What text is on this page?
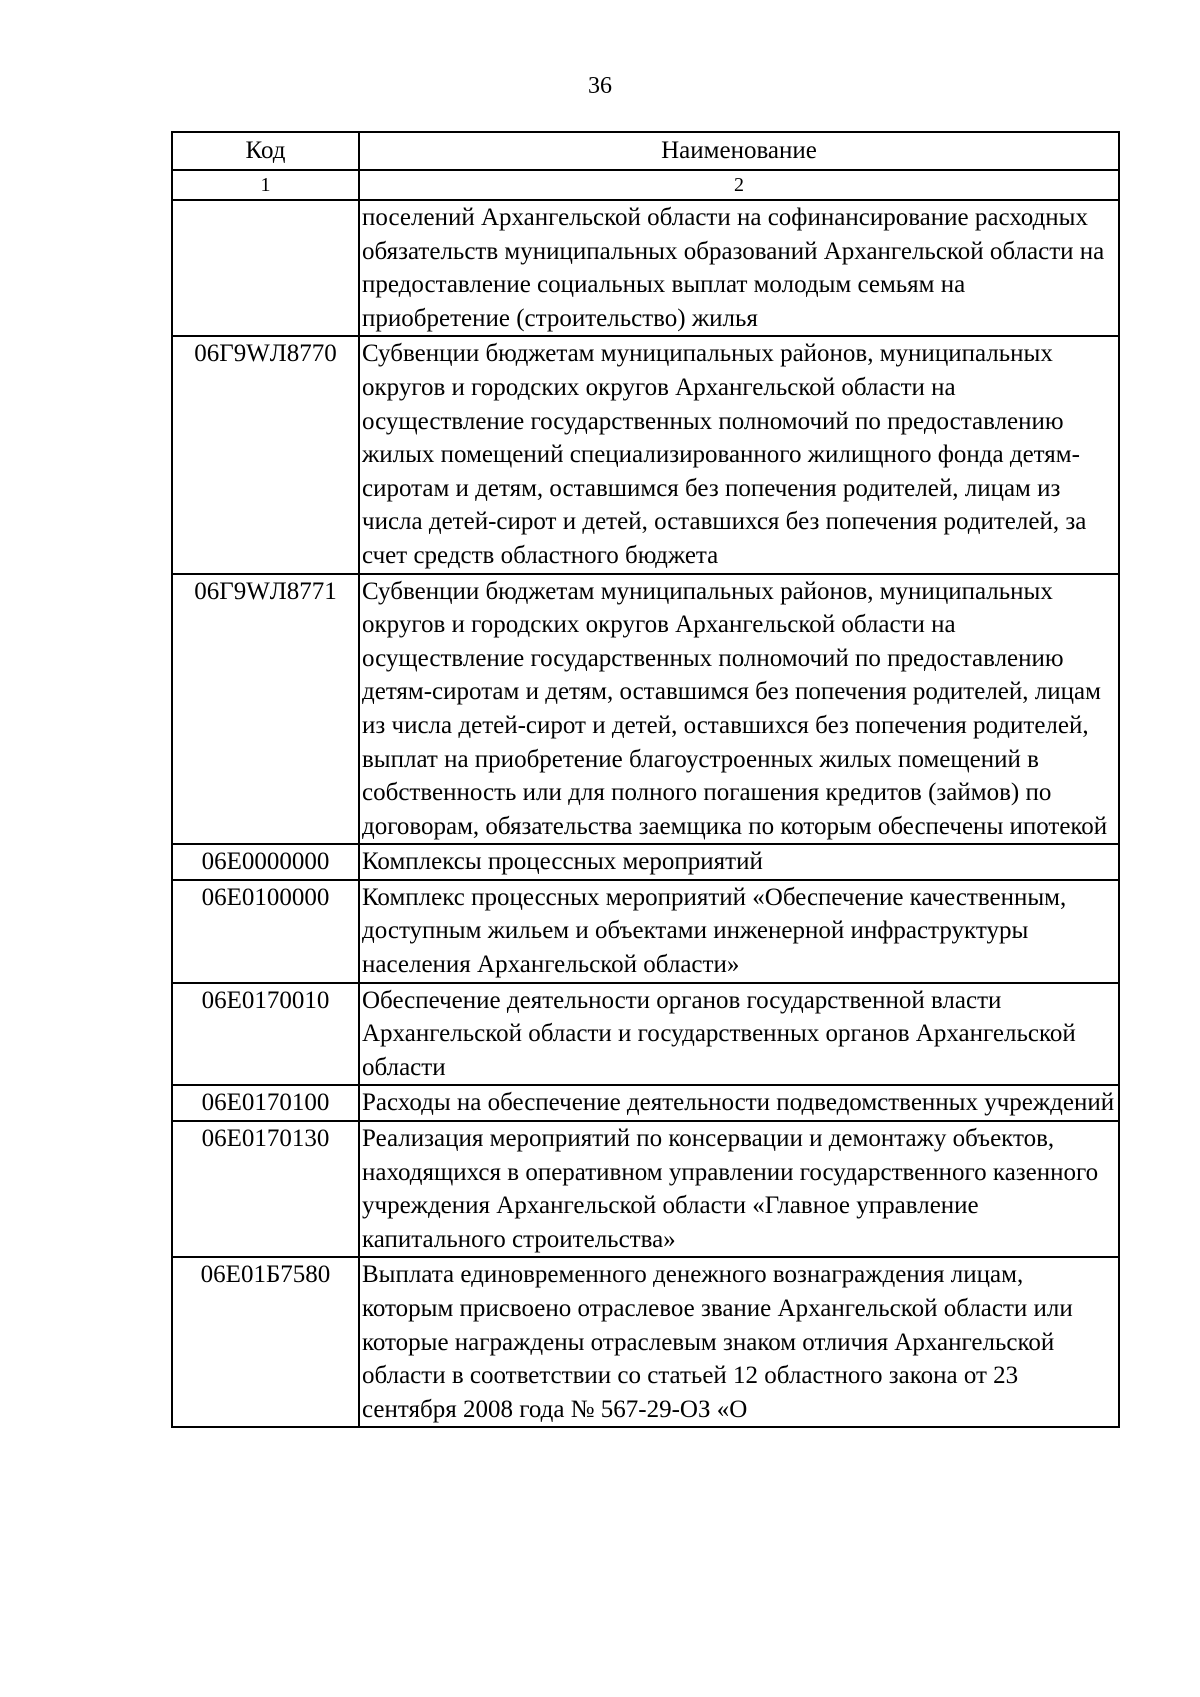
36
Код	Наименование
1	2
	поселений Архангельской области на софинансирование расходных обязательств муниципальных образований Архангельской области на предоставление социальных выплат молодым семьям на приобретение (строительство) жилья
06Г9WЛ8770	Субвенции бюджетам муниципальных районов, муниципальных округов и городских округов Архангельской области на осуществление государственных полномочий по предоставлению жилых помещений специализированного жилищного фонда детям-сиротам и детям, оставшимся без попечения родителей, лицам из числа детей-сирот и детей, оставшихся без попечения родителей, за счет средств областного бюджета
06Г9WЛ8771	Субвенции бюджетам муниципальных районов, муниципальных округов и городских округов Архангельской области на осуществление государственных полномочий по предоставлению детям-сиротам и детям, оставшимся без попечения родителей, лицам из числа детей-сирот и детей, оставшихся без попечения родителей, выплат на приобретение благоустроенных жилых помещений в собственность или для полного погашения кредитов (займов) по договорам, обязательства заемщика по которым обеспечены ипотекой
06Е0000000	Комплексы процессных мероприятий
06Е0100000	Комплекс процессных мероприятий «Обеспечение качественным, доступным жильем и объектами инженерной инфраструктуры населения Архангельской области»
06Е0170010	Обеспечение деятельности органов государственной власти Архангельской области и государственных органов Архангельской области
06Е0170100	Расходы на обеспечение деятельности подведомственных учреждений
06Е0170130	Реализация мероприятий по консервации и демонтажу объектов, находящихся в оперативном управлении государственного казенного учреждения Архангельской области «Главное управление капитального строительства»
06Е01Б7580	Выплата единовременного денежного вознаграждения лицам, которым присвоено отраслевое звание Архангельской области или которые награждены отраслевым знаком отличия Архангельской области в соответствии со статьей 12 областного закона от 23 сентября 2008 года № 567-29-ОЗ «О
